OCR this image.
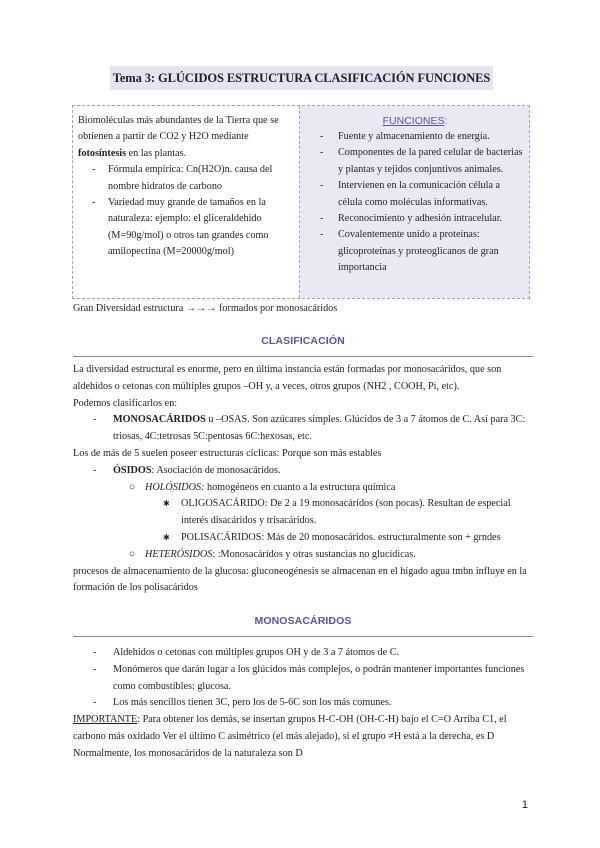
Tema 3: GLÚCIDOS ESTRUCTURA CLASIFICACIÓN FUNCIONES
Biomoléculas más abundantes de la Tierra que se obtienen a partir de CO2 y H2O mediante fotosíntesis en las plantas.
- Fórmula empírica: Cn(H2O)n. causa del nombre hidratos de carbono
- Variedad muy grande de tamaños en la naturaleza: ejemplo: el gliceraldehido (M=90g/mol) o otros tan grandes como amilopectina (M=20000g/mol)
FUNCIONES:
- Fuente y almacenamiento de energía.
- Componentes de la pared celular de bacterias y plantas y tejidos conjuntivos animales.
- Intervienen en la comunicación célula a célula como moléculas informativas.
- Reconocimiento y adhesión intracelular.
- Covalentemente unido a proteínas: glicoproteínas y proteoglicanos de gran importancia
Gran Diversidad estructura →→→ formados por monosacáridos
CLASIFICACIÓN
La diversidad estructural es enorme, pero en última instancia están formadas por monosacáridos, que son aldehidos o cetonas con múltiples grupos –OH y, a veces, otros grupos (NH2 , COOH, Pi, etc).
Podemos clasificarlos en:
- MONOSACÁRIDOS u –OSAS. Son azúcares simples. Glúcidos de 3 a 7 átomos de C. Así para 3C: triosas, 4C:tetrosas 5C:pentosas 6C:hexosas, etc.
Los de más de 5 suelen poseer estructuras cíclicas: Porque son más estables
- ÓSIDOS: Asociación de monosacáridos.
○ HOLÓSIDOS: homogéneos en cuanto a la estructura química
✱ OLIGOSACÁRIDO: De 2 a 19 monosacáridos (son pocas). Resultan de especial interés disacáridos y trisacáridos.
✱ POLISACÁRIDOS: Más de 20 monosacáridos. estructuralmente son + grndes
○ HETERÓSIDOS: :Monosacáridos y otras sustancias no glucídicas.
procesos de almacenamiento de la glucosa: gluconeogénesis se almacenan en el hígado agua tmbn influye en la formación de los polisacáridos
MONOSACÁRIDOS
- Aldehidos o cetonas con múltiples grupos OH y de 3 a 7 átomos de C.
- Monómeros que darán lugar a los glúcidos más complejos, o podrán mantener importantes funciones como combustibles: glucosa.
- Los más sencillos tienen 3C, pero los de 5-6C son los más comunes.
IMPORTANTE: Para obtener los demás, se insertan grupos H-C-OH (OH-C-H) bajo el C=O Arriba C1, el carbono más oxidado Ver el último C asimétrico (el más alejado), si el grupo ≠H está a la derecha, es D
Normalmente, los monosacáridos de la naturaleza son D
1
